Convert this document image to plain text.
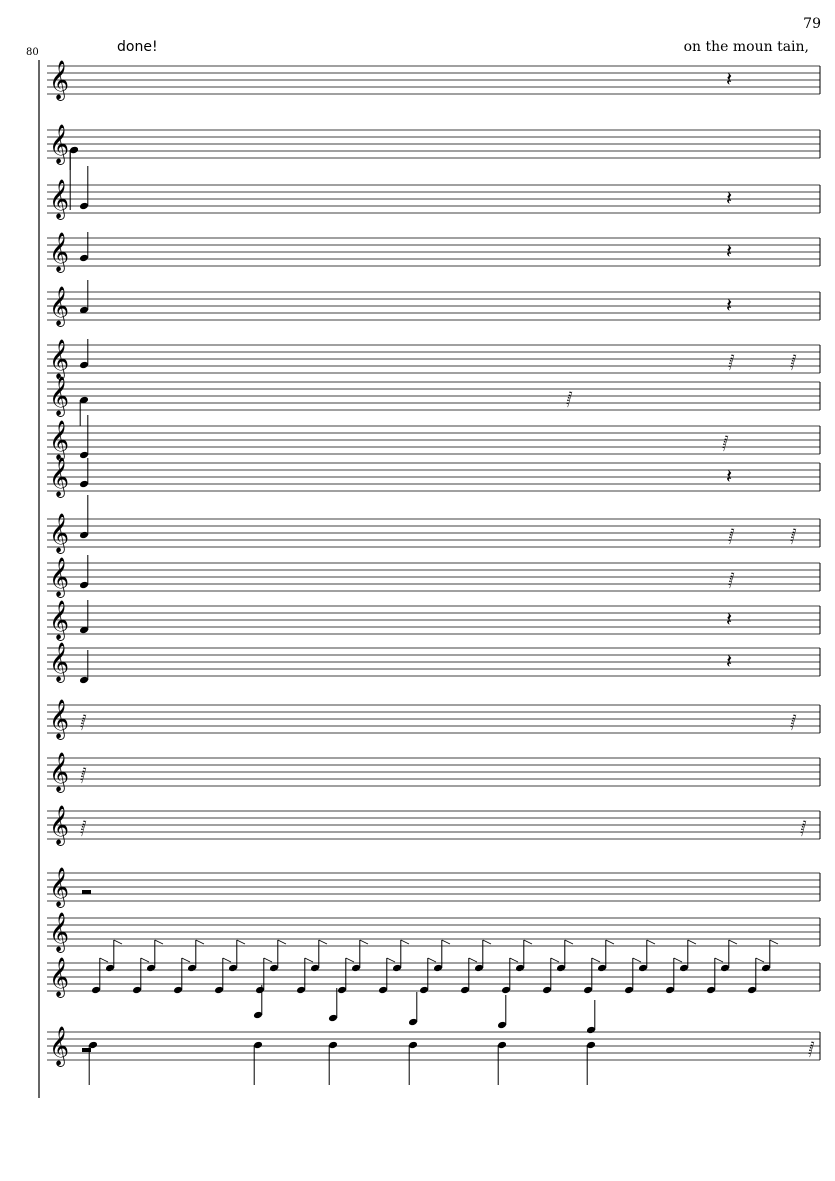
79
80	done!	on the moun tain,
𝄞
𝄞
𝄞
𝄞
𝄞
𝄞
𝄞
𝄞
𝄞
𝄞
𝄞
𝄞
𝄞
𝄞
𝄞
𝄞
𝄞
𝄞
𝄞
𝄞
𝄽
𝄽
𝄽
𝄽
𝄽
𝄽
𝄽
𝅂	𝅂
𝅂
𝅂
𝅂	𝅂
𝅂
𝅂
𝅂
𝅂
𝅂
𝅂
𝅂
